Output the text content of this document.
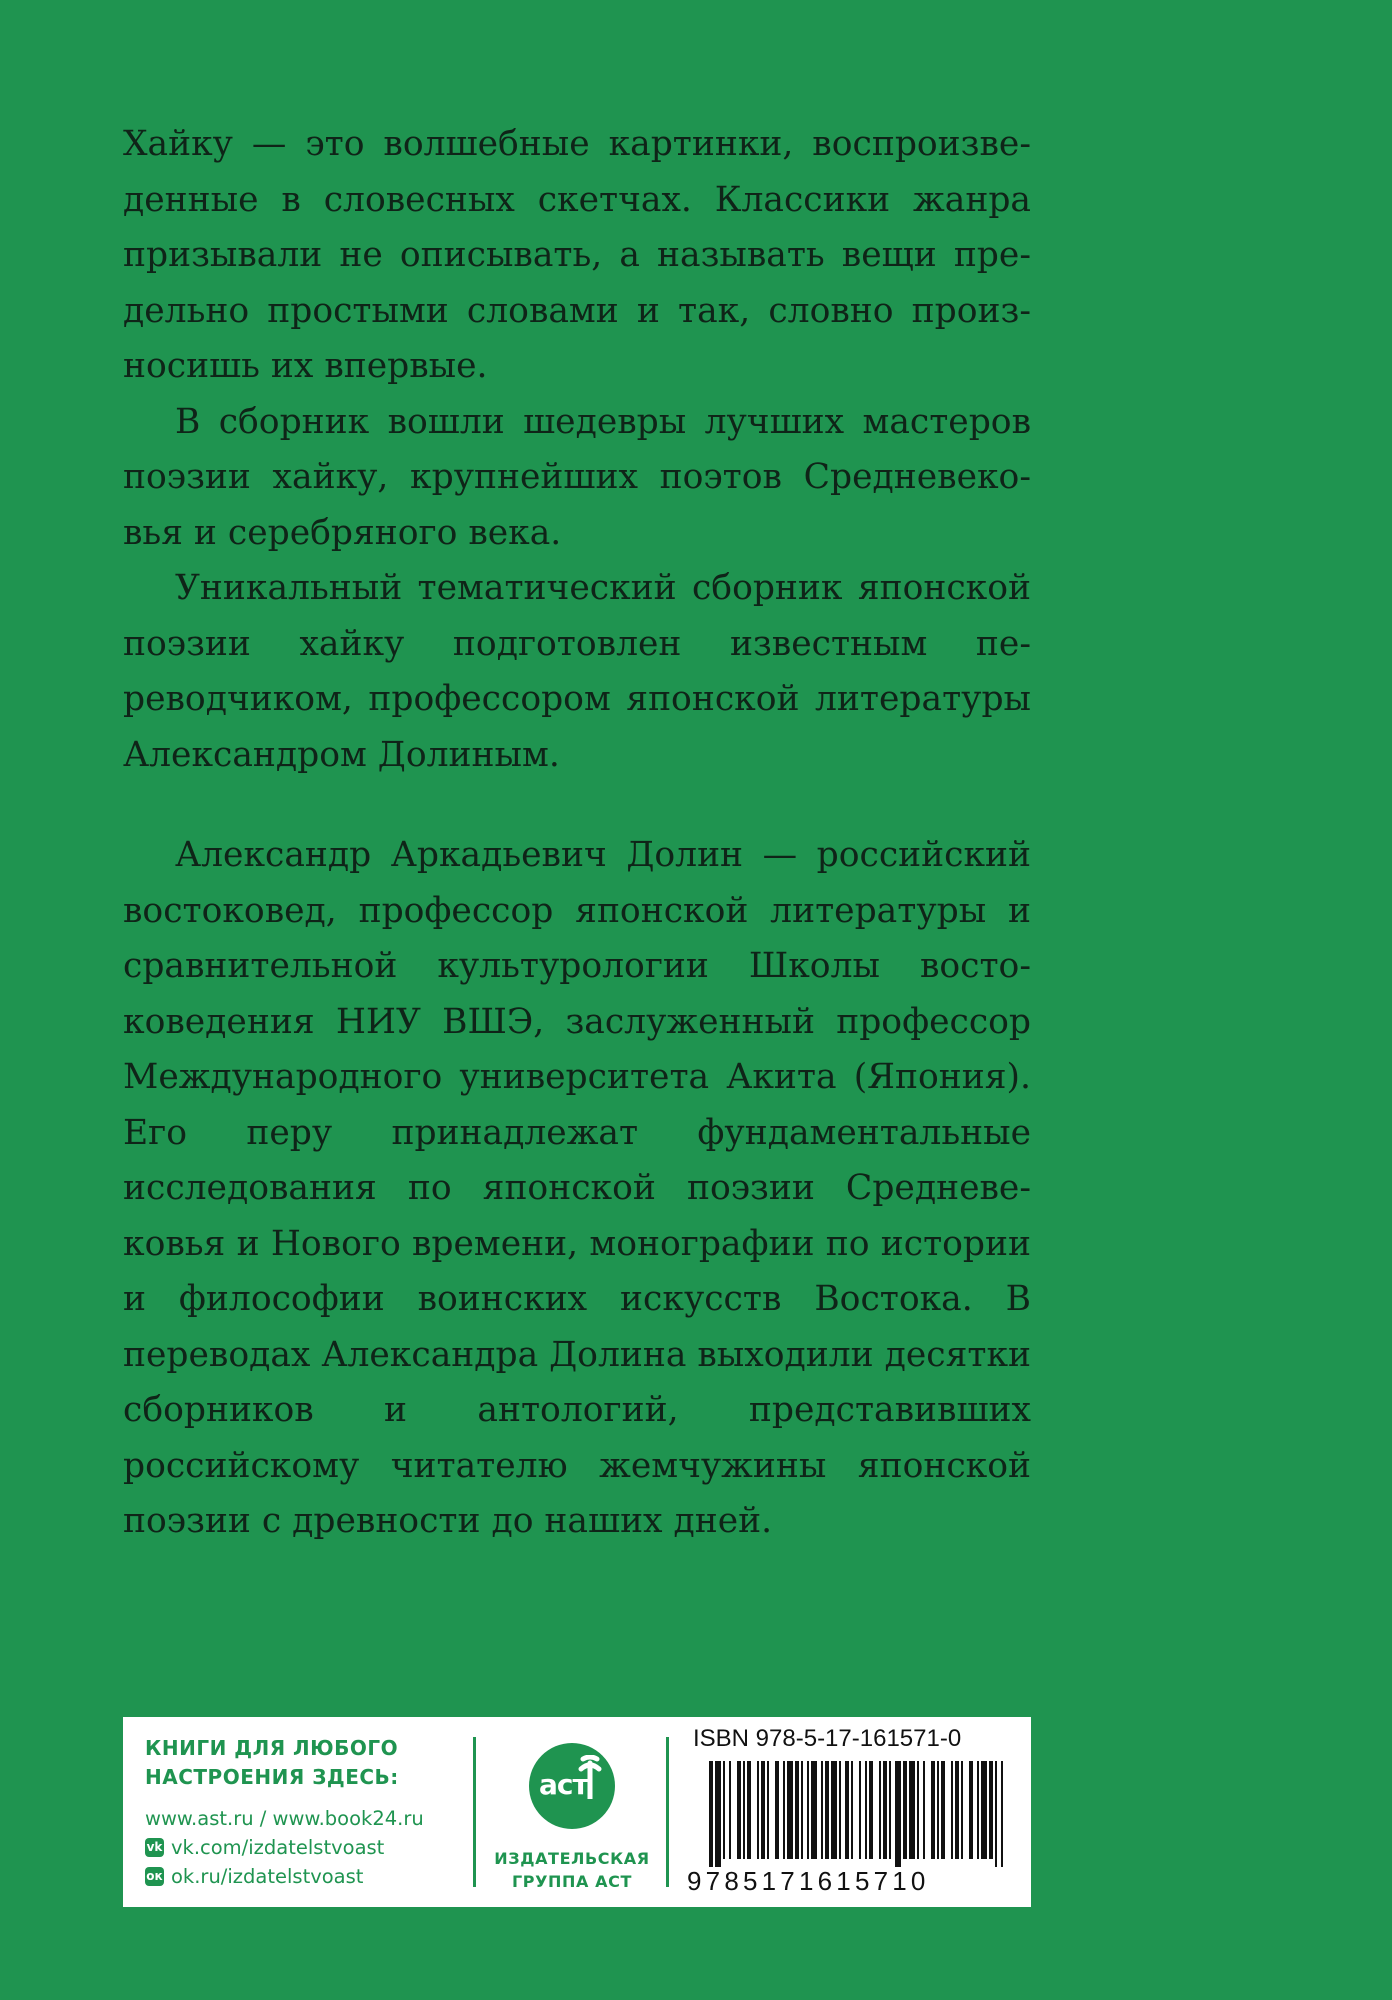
Хайку — это волшебные картинки, воспроизведенные в словесных скетчах. Классики жанра призывали не описывать, а называть вещи предельно простыми словами и так, словно произносишь их впервые.

В сборник вошли шедевры лучших мастеров поэзии хайку, крупнейших поэтов Средневековья и серебряного века.

Уникальный тематический сборник японской поэзии хайку подготовлен известным переводчиком, профессором японской литературы Александром Долиным.

Александр Аркадьевич Долин — российский востоковед, профессор японской литературы и сравнительной культурологии Школы востоковедения НИУ ВШЭ, заслуженный профессор Международного университета Акита (Япония). Его перу принадлежат фундаментальные исследования по японской поэзии Средневековья и Нового времени, монографии по истории и философии воинских искусств Востока. В переводах Александра Долина выходили десятки сборников и антологий, представивших российскому читателю жемчужины японской поэзии с древности до наших дней.

КНИГИ ДЛЯ ЛЮБОГО

НАСТРОЕНИЯ ЗДЕСЬ:

www.ast.ru / www.book24.ru
vk vk.com/izdatelstvoast
ок ok.ru/izdatelstvoast
аст
ИЗДАТЕЛЬСКАЯ
ГРУППА АСТ
ISBN 978-5-17-161571-0
9785171615710
